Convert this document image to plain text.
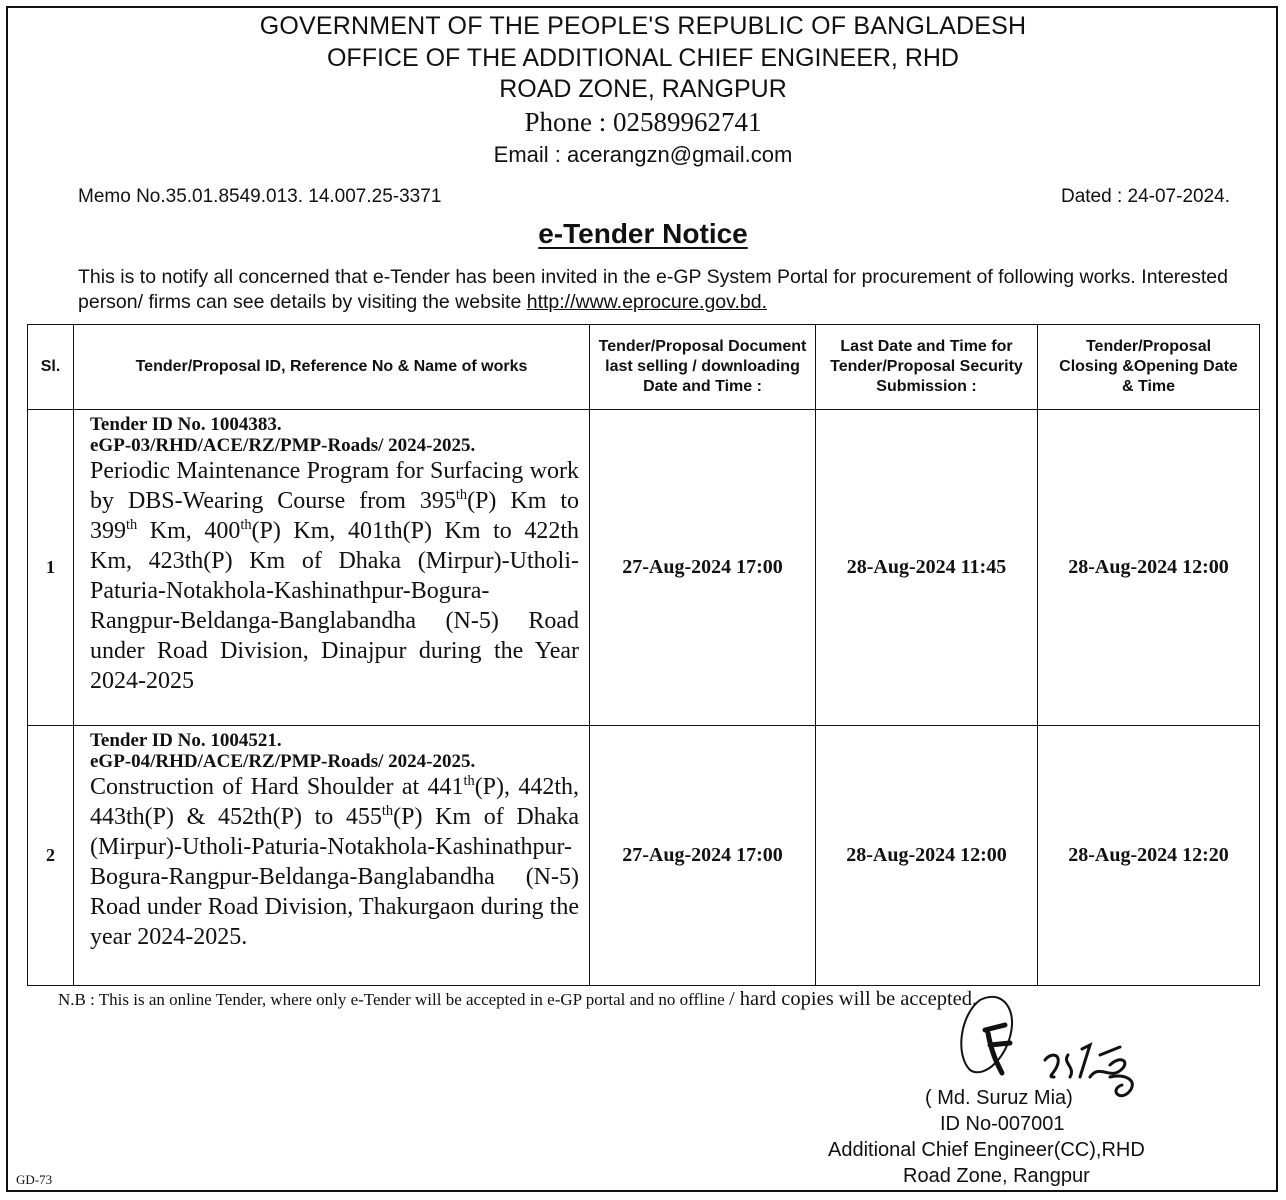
GOVERNMENT OF THE PEOPLE'S REPUBLIC OF BANGLADESH
OFFICE OF THE ADDITIONAL CHIEF ENGINEER, RHD
ROAD ZONE, RANGPUR
Phone : 02589962741
Email : acerangzn@gmail.com
Memo No.35.01.8549.013. 14.007.25-3371	Dated : 24-07-2024.
e-Tender Notice
This is to notify all concerned that e-Tender has been invited in the e-GP System Portal for procurement of following works. Interested person/ firms can see details by visiting the website http://www.eprocure.gov.bd.
Sl.	Tender/Proposal ID, Reference No & Name of works	Tender/Proposal Document last selling / downloading Date and Time :	Last Date and Time for Tender/Proposal Security Submission :	Tender/Proposal Closing &Opening Date & Time
1	Tender ID No. 1004383.
eGP-03/RHD/ACE/RZ/PMP-Roads/ 2024-2025.
Periodic Maintenance Program for Surfacing work by DBS-Wearing Course from 395th(P) Km to 399th Km, 400th(P) Km, 401th(P) Km to 422th Km, 423th(P) Km of Dhaka (Mirpur)-Utholi-Paturia-Notakhola-Kashinathpur-Bogura-Rangpur-Beldanga-Banglabandha (N-5) Road under Road Division, Dinajpur during the Year 2024-2025	27-Aug-2024 17:00	28-Aug-2024 11:45	28-Aug-2024 12:00
2	Tender ID No. 1004521.
eGP-04/RHD/ACE/RZ/PMP-Roads/ 2024-2025.
Construction of Hard Shoulder at 441th(P), 442th, 443th(P) & 452th(P) to 455th(P) Km of Dhaka (Mirpur)-Utholi-Paturia-Notakhola-Kashinathpur-Bogura-Rangpur-Beldanga-Banglabandha (N-5) Road under Road Division, Thakurgaon during the year 2024-2025.	27-Aug-2024 17:00	28-Aug-2024 12:00	28-Aug-2024 12:20
N.B : This is an online Tender, where only e-Tender will be accepted in e-GP portal and no offline / hard copies will be accepted.
( Md. Suruz Mia)
ID No-007001
Additional Chief Engineer(CC),RHD
Road Zone, Rangpur
GD-73
